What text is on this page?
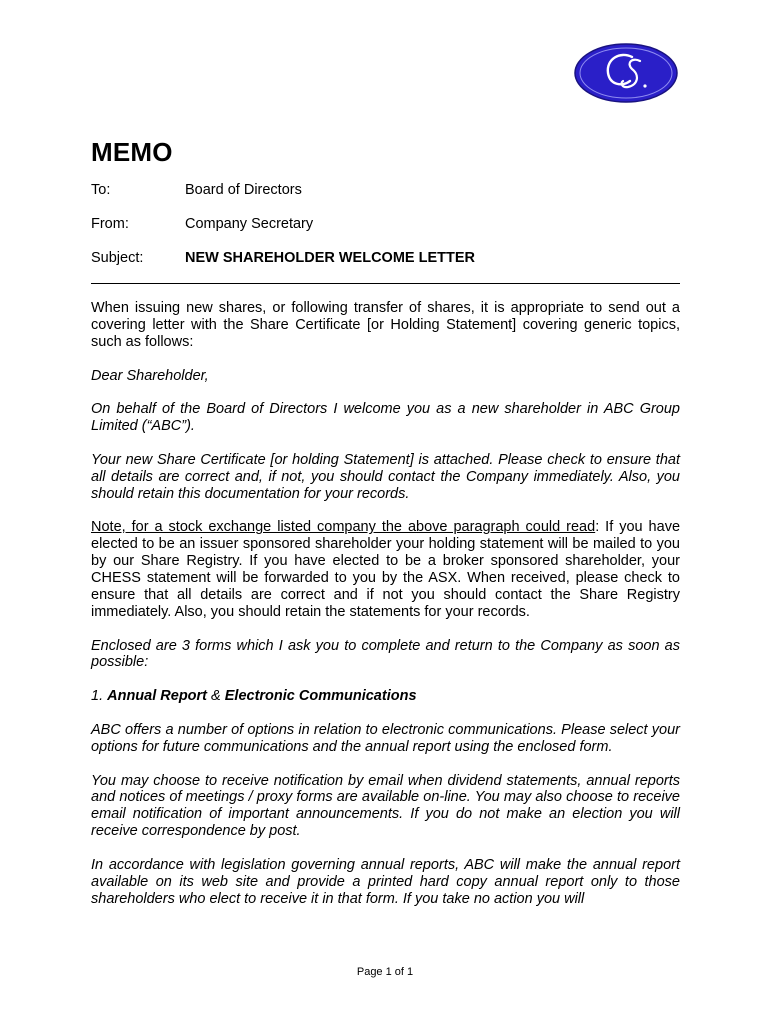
MEMO
To:	Board of Directors
From:	Company Secretary
Subject:	NEW SHAREHOLDER WELCOME LETTER

When issuing new shares, or following transfer of shares, it is appropriate to send out a covering letter with the Share Certificate [or Holding Statement] covering generic topics, such as follows:

Dear Shareholder,

On behalf of the Board of Directors I welcome you as a new shareholder in ABC Group Limited (“ABC”).

Your new Share Certificate [or holding Statement] is attached. Please check to ensure that all details are correct and, if not, you should contact the Company immediately. Also, you should retain this documentation for your records.

Note, for a stock exchange listed company the above paragraph could read: If you have elected to be an issuer sponsored shareholder your holding statement will be mailed to you by our Share Registry. If you have elected to be a broker sponsored shareholder, your CHESS statement will be forwarded to you by the ASX. When received, please check to ensure that all details are correct and if not you should contact the Share Registry immediately. Also, you should retain the statements for your records.

Enclosed are 3 forms which I ask you to complete and return to the Company as soon as possible:

1. Annual Report & Electronic Communications

ABC offers a number of options in relation to electronic communications. Please select your options for future communications and the annual report using the enclosed form.

You may choose to receive notification by email when dividend statements, annual reports and notices of meetings / proxy forms are available on-line. You may also choose to receive email notification of important announcements. If you do not make an election you will receive correspondence by post.

In accordance with legislation governing annual reports, ABC will make the annual report available on its web site and provide a printed hard copy annual report only to those shareholders who elect to receive it in that form. If you take no action you will

Page 1 of 1
